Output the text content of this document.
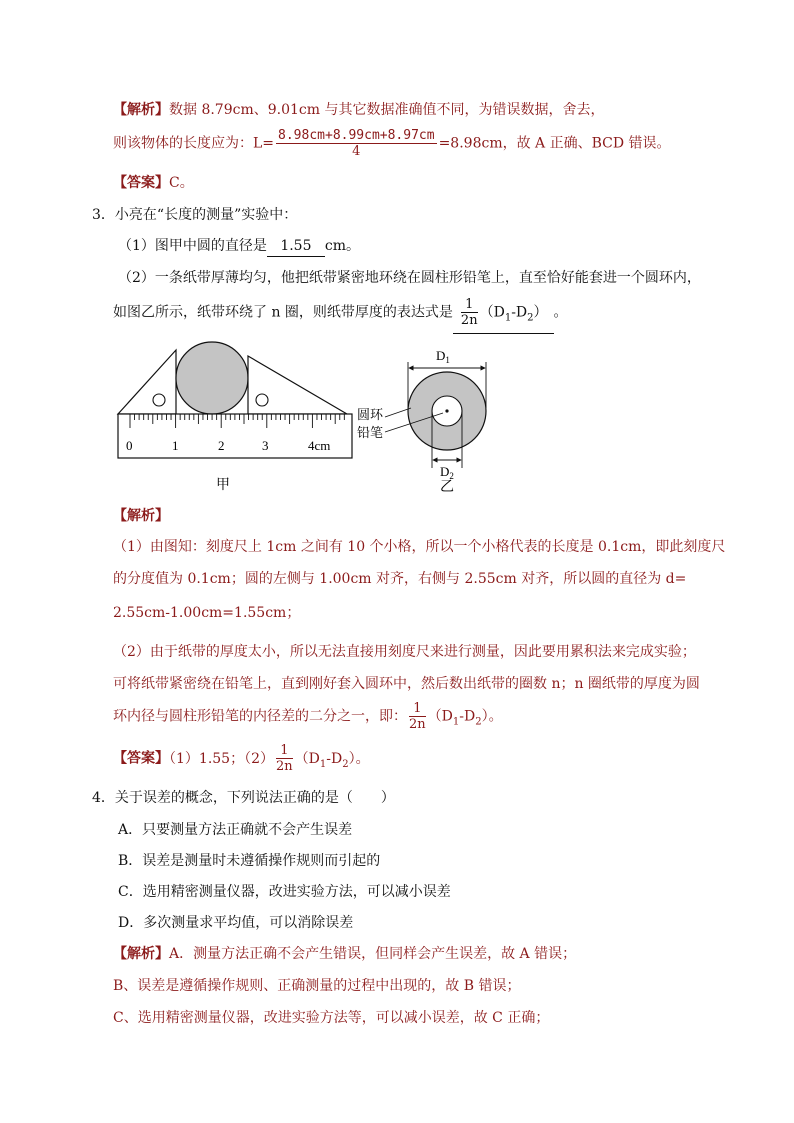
【解析】数据 8.79cm、9.01cm 与其它数据准确值不同，为错误数据，舍去，
则该物体的长度应为：$L= \frac{8.98cm+8.99cm+8.97cm}{4} =8.98cm$，故 A 正确、BCD 错误。
【答案】C。
3．小亮在“长度的测量”实验中：
（1）图甲中圆的直径是 1.55 cm。
（2）一条纸带厚薄均匀，他把纸带紧密地环绕在圆柱形铅笔上，直至恰好能套进一个圆环内，
如图乙所示，纸带环绕了 n 圈，则纸带厚度的表达式是 $\frac{1}{2n} (D_1-D_2)$ 。
0	1	2	3	4cm
甲
$D_1$
圆环
铅笔
$D_2$
乙
【解析】
（1）由图知：刻度尺上 1cm 之间有 10 个小格，所以一个小格代表的长度是 0.1cm，即此刻度尺
的分度值为 0.1cm；圆的左侧与 1.00cm 对齐，右侧与 2.55cm 对齐，所以圆的直径为 d=
2.55cm-1.00cm=1.55cm；
（2）由于纸带的厚度太小，所以无法直接用刻度尺来进行测量，因此要用累积法来完成实验；
可将纸带紧密绕在铅笔上，直到刚好套入圆环中，然后数出纸带的圈数 n；n 圈纸带的厚度为圆
环内径与圆柱形铅笔的内径差的二分之一，即： $\frac{1}{2n} (D_1-D_2)$。
【答案】（1）1.55；$(2) \frac{1}{2n} (D_1-D_2)$。
4．关于误差的概念，下列说法正确的是（　　）
A．只要测量方法正确就不会产生误差
B．误差是测量时未遵循操作规则而引起的
C．选用精密测量仪器，改进实验方法，可以减小误差
D．多次测量求平均值，可以消除误差
【解析】A．测量方法正确不会产生错误，但同样会产生误差，故 A 错误；
B、误差是遵循操作规则、正确测量的过程中出现的，故 B 错误；
C、选用精密测量仪器，改进实验方法等，可以减小误差，故 C 正确；
